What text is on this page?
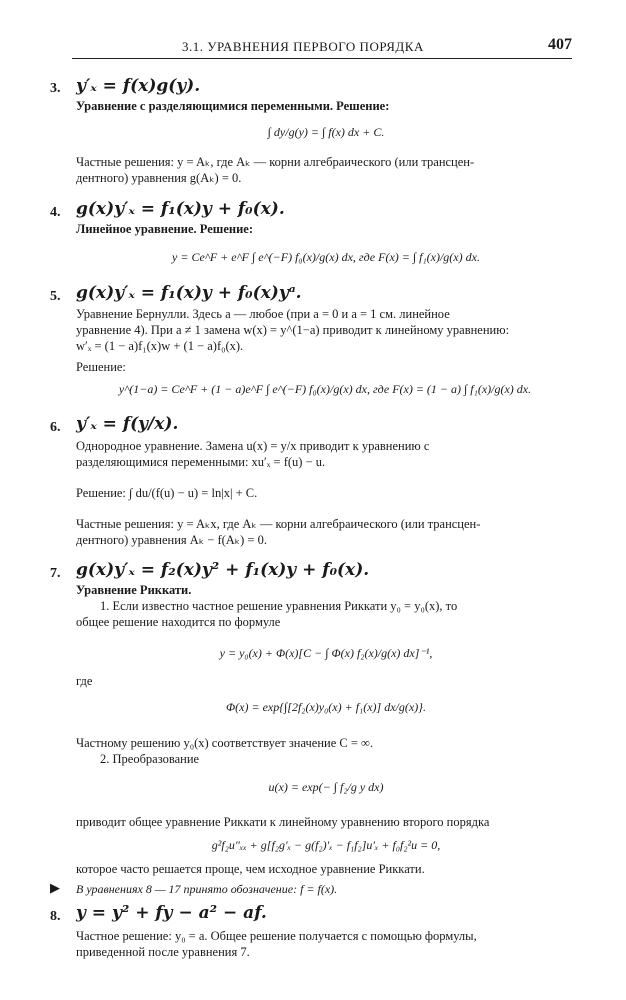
3.1. УРАВНЕНИЯ ПЕРВОГО ПОРЯДКА	407
3. y′ₓ = f(x)g(y).
Уравнение с разделяющимися переменными. Решение:
∫ dy/g(y) = ∫ f(x) dx + C.
Частные решения: y = Aₖ, где Aₖ — корни алгебраического (или трансцен-
дентного) уравнения g(Aₖ) = 0.
4. g(x)y′ₓ = f₁(x)y + f₀(x).
Линейное уравнение. Решение:
y = Ce^F + e^F ∫ e^(−F) f₀(x)/g(x) dx, где F(x) = ∫ f₁(x)/g(x) dx.
5. g(x)y′ₓ = f₁(x)y + f₀(x)yᵃ.
Уравнение Бернулли. Здесь a — любое (при a = 0 и a = 1 см. линейное
уравнение 4). При a ≠ 1 замена w(x) = y^(1−a) приводит к линейному уравнению:
w′ₓ = (1 − a)f₁(x)w + (1 − a)f₀(x).
Решение:
y^(1−a) = Ce^F + (1 − a)e^F ∫ e^(−F) f₀(x)/g(x) dx, где F(x) = (1 − a) ∫ f₁(x)/g(x) dx.
6. y′ₓ = f(y/x).
Однородное уравнение. Замена u(x) = y/x приводит к уравнению с
разделяющимися переменными: xu′ₓ = f(u) − u.
Решение: ∫ du/(f(u) − u) = ln|x| + C.
Частные решения: y = Aₖx, где Aₖ — корни алгебраического (или трансцен-
дентного) уравнения Aₖ − f(Aₖ) = 0.
7. g(x)y′ₓ = f₂(x)y² + f₁(x)y + f₀(x).
Уравнение Риккати.
1. Если известно частное решение уравнения Риккати y₀ = y₀(x), то
общее решение находится по формуле
y = y₀(x) + Φ(x)[C − ∫ Φ(x) f₂(x)/g(x) dx]⁻¹,
где
Φ(x) = exp{∫[2f₂(x)y₀(x) + f₁(x)] dx/g(x)}.
Частному решению y₀(x) соответствует значение C = ∞.
2. Преобразование
u(x) = exp(− ∫ f₂/g y dx)
приводит общее уравнение Риккати к линейному уравнению второго порядка
g²f₂u″ₓₓ + g[f₂g′ₓ − g(f₂)′ₓ − f₁f₂]u′ₓ + f₀f₂²u = 0,
которое часто решается проще, чем исходное уравнение Риккати.
▶ В уравнениях 8 — 17 принято обозначение: f = f(x).
8. y = y² + fy − a² − af.
Частное решение: y₀ = a. Общее решение получается с помощью формулы,
приведенной после уравнения 7.
